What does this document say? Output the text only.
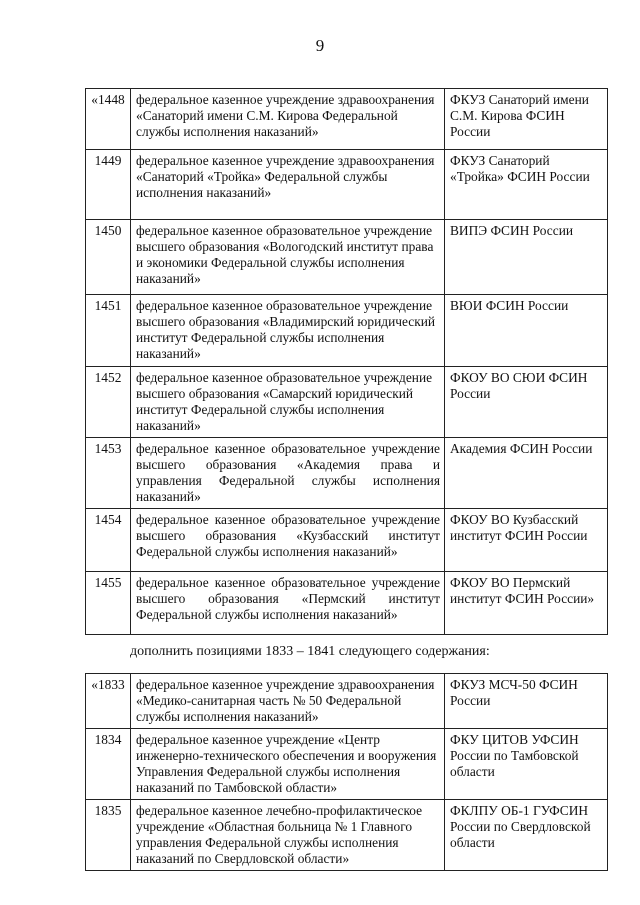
9
«1448	федеральное казенное учреждение здравоохранения «Санаторий имени С.М. Кирова Федеральной службы исполнения наказаний»	ФКУЗ Санаторий имени С.М. Кирова ФСИН России
1449	федеральное казенное учреждение здравоохранения «Санаторий «Тройка» Федеральной службы исполнения наказаний»	ФКУЗ Санаторий «Тройка» ФСИН России
1450	федеральное казенное образовательное учреждение высшего образования «Вологодский институт права и экономики Федеральной службы исполнения наказаний»	ВИПЭ ФСИН России
1451	федеральное казенное образовательное учреждение высшего образования «Владимирский юридический институт Федеральной службы исполнения наказаний»	ВЮИ ФСИН России
1452	федеральное казенное образовательное учреждение высшего образования «Самарский юридический институт Федеральной службы исполнения наказаний»	ФКОУ ВО СЮИ ФСИН России
1453	федеральное казенное образовательное учреждение высшего образования «Академия права и управления Федеральной службы исполнения наказаний»	Академия ФСИН России
1454	федеральное казенное образовательное учреждение высшего образования «Кузбасский институт Федеральной службы исполнения наказаний»	ФКОУ ВО Кузбасский институт ФСИН России
1455	федеральное казенное образовательное учреждение высшего образования «Пермский институт Федеральной службы исполнения наказаний»	ФКОУ ВО Пермский институт ФСИН России»
дополнить позициями 1833 – 1841 следующего содержания:
«1833	федеральное казенное учреждение здравоохранения «Медико-санитарная часть № 50 Федеральной службы исполнения наказаний»	ФКУЗ МСЧ-50 ФСИН России
1834	федеральное казенное учреждение «Центр инженерно-технического обеспечения и вооружения Управления Федеральной службы исполнения наказаний по Тамбовской области»	ФКУ ЦИТОВ УФСИН России по Тамбовской области
1835	федеральное казенное лечебно-профилактическое учреждение «Областная больница № 1 Главного управления Федеральной службы исполнения наказаний по Свердловской области»	ФКЛПУ ОБ-1 ГУФСИН России по Свердловской области
